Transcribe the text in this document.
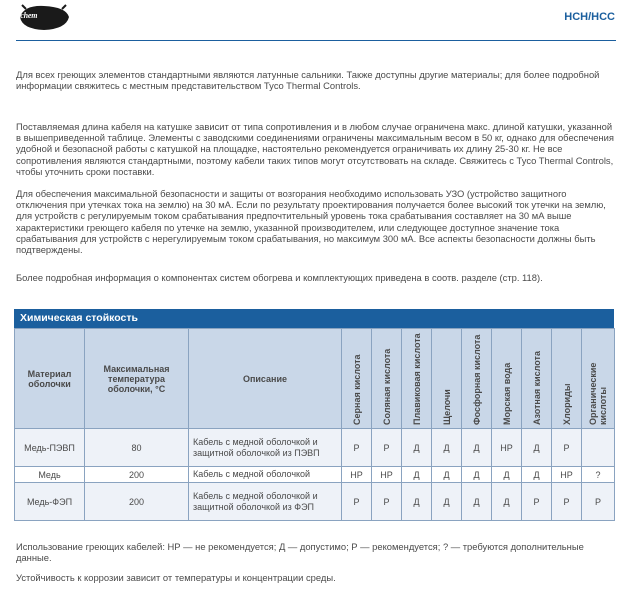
Raychem	HCH/HCC

Для всех греющих элементов стандартными являются латунные сальники. Также доступны другие материалы; для более подробной информации свяжитесь с местным представительством Tyco Thermal Controls.

Поставляемая длина кабеля на катушке зависит от типа сопротивления и в любом случае ограничена макс. длиной катушки, указанной в вышеприведенной таблице. Элементы с заводскими соединениями ограничены максимальным весом в 50 кг, однако для обеспечения удобной и безопасной работы с катушкой на площадке, настоятельно рекомендуется ограничивать их длину 25-30 кг. Не все сопротивления являются стандартными, поэтому кабели таких типов могут отсутствовать на складе. Свяжитесь с Tyco Thermal Controls, чтобы уточнить сроки поставки.

Для обеспечения максимальной безопасности и защиты от возгорания необходимо использовать УЗО (устройство защитного отключения при утечках тока на землю) на 30 мА. Если по результату проектирования получается более высокий ток утечки на землю, для устройств с регулируемым током срабатывания предпочтительный уровень тока срабатывания составляет на 30 мА выше характеристики греющего кабеля по утечке на землю, указанной производителем, или следующее доступное значение тока срабатывания для устройств с нерегулируемым током срабатывания, но максимум 300 мА. Все аспекты безопасности должны быть подтверждены.

Более подробная информация о компонентах систем обогрева и комплектующих приведена в соотв. разделе (стр. 118).

Химическая стойкость
Материал оболочки	Максимальная температура оболочки, °C	Описание	Серная кислота	Соляная кислота	Плавиковая кислота	Щелочи	Фосфорная кислота	Морская вода	Азотная кислота	Хлориды	Органические кислоты

Медь-ПЭВП	80	Кабель с медной оболочкой и защитной оболочкой из ПЭВП	Р	Р	Д	Д	Д	НР	Д	Р	
Медь	200	Кабель с медной оболочкой	НР	НР	Д	Д	Д	Д	Д	НР	?
Медь-ФЭП	200	Кабель с медной оболочкой и защитной оболочкой из ФЭП	Р	Р	Д	Д	Д	Д	Р	Р	Р

Использование греющих кабелей: НР — не рекомендуется; Д — допустимо; Р — рекомендуется; ? — требуются дополнительные данные.

Устойчивость к коррозии зависит от температуры и концентрации среды.
